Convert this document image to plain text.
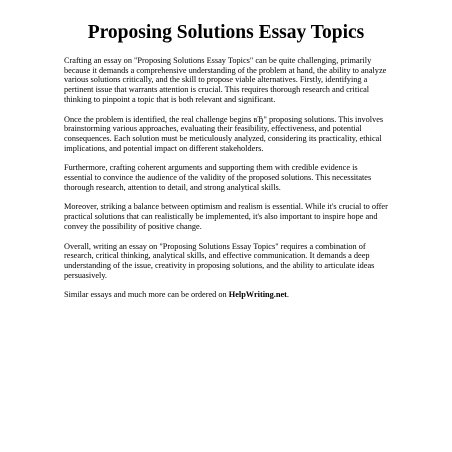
Proposing Solutions Essay Topics

Crafting an essay on "Proposing Solutions Essay Topics" can be quite challenging, primarily
because it demands a comprehensive understanding of the problem at hand, the ability to analyze
various solutions critically, and the skill to propose viable alternatives. Firstly, identifying a
pertinent issue that warrants attention is crucial. This requires thorough research and critical
thinking to pinpoint a topic that is both relevant and significant.

Once the problem is identified, the real challenge begins вЂ" proposing solutions. This involves
brainstorming various approaches, evaluating their feasibility, effectiveness, and potential
consequences. Each solution must be meticulously analyzed, considering its practicality, ethical
implications, and potential impact on different stakeholders.

Furthermore, crafting coherent arguments and supporting them with credible evidence is
essential to convince the audience of the validity of the proposed solutions. This necessitates
thorough research, attention to detail, and strong analytical skills.

Moreover, striking a balance between optimism and realism is essential. While it's crucial to offer
practical solutions that can realistically be implemented, it's also important to inspire hope and
convey the possibility of positive change.

Overall, writing an essay on "Proposing Solutions Essay Topics" requires a combination of
research, critical thinking, analytical skills, and effective communication. It demands a deep
understanding of the issue, creativity in proposing solutions, and the ability to articulate ideas
persuasively.

Similar essays and much more can be ordered on HelpWriting.net.
